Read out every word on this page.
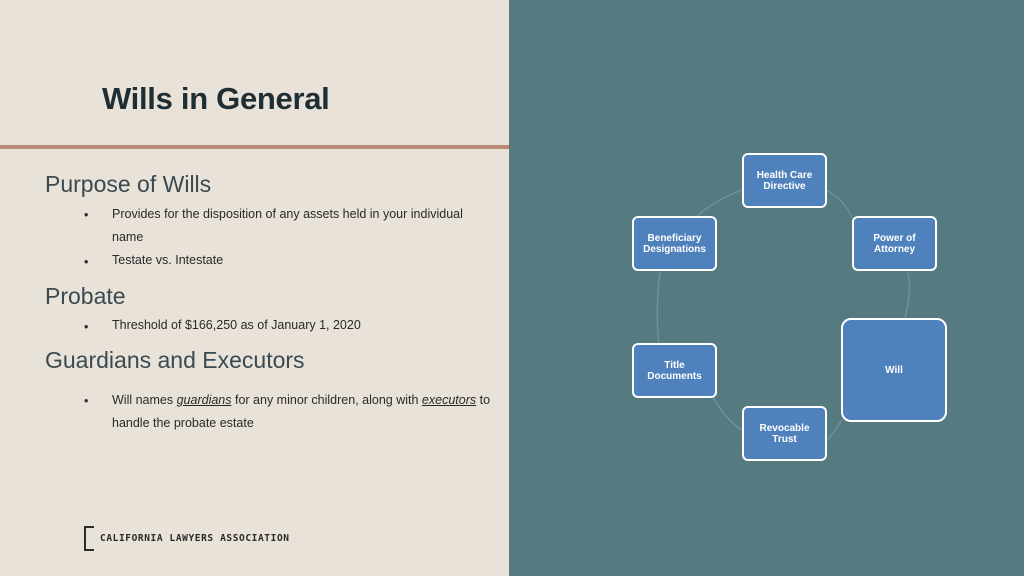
Wills in General
Purpose of Wills
• Provides for the disposition of any assets held in your individual name
• Testate vs. Intestate
Probate
• Threshold of $166,250 as of January 1, 2020
Guardians and Executors
• Will names guardians for any minor children, along with executors to handle the probate estate
CALIFORNIA LAWYERS ASSOCIATION
Health Care Directive
Power of Attorney
Will
Revocable Trust
Title Documents
Beneficiary Designations
